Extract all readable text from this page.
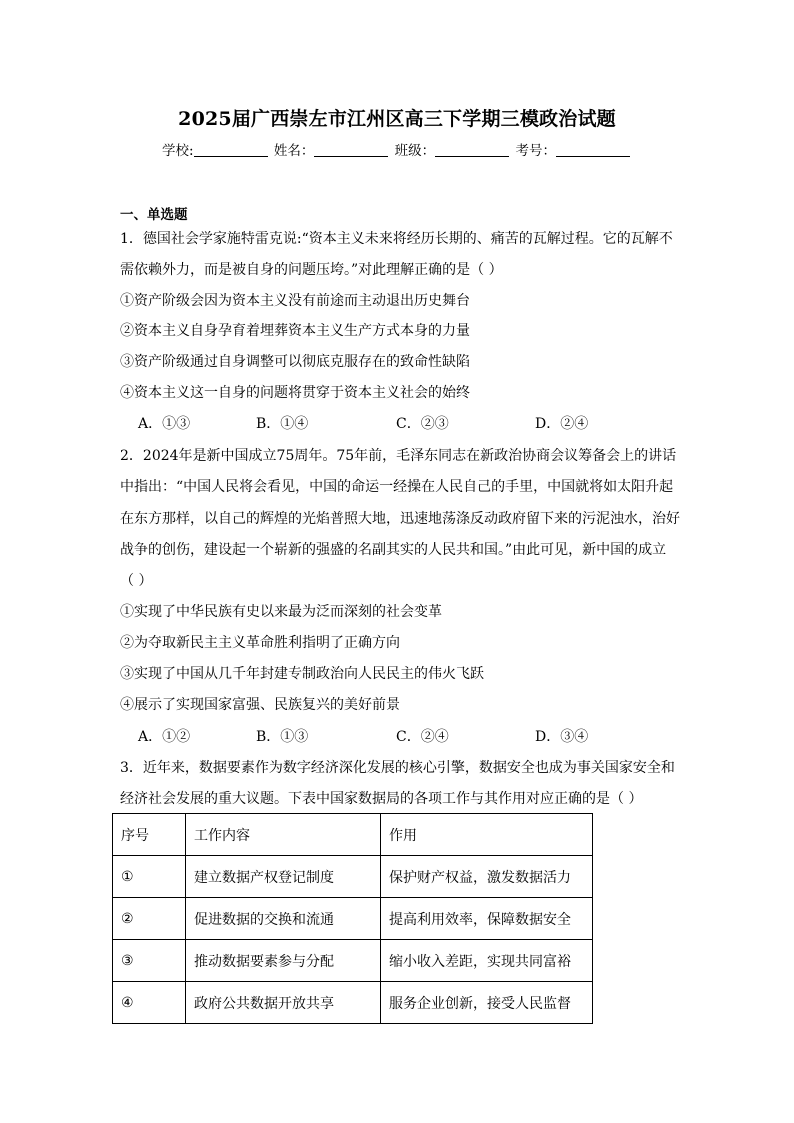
2025届广西崇左市江州区高三下学期三模政治试题
学校:	姓名：	班级：	考号：
一、单选题
1．德国社会学家施特雷克说:“资本主义未来将经历长期的、痛苦的瓦解过程。它的瓦解不
需依赖外力，而是被自身的问题压垮。”对此理解正确的是（ ）
①资产阶级会因为资本主义没有前途而主动退出历史舞台
②资本主义自身孕育着埋葬资本主义生产方式本身的力量
③资产阶级通过自身调整可以彻底克服存在的致命性缺陷
④资本主义这一自身的问题将贯穿于资本主义社会的始终
A．①③	B．①④	C．②③	D．②④
2．2024年是新中国成立75周年。75年前，毛泽东同志在新政治协商会议筹备会上的讲话
中指出：“中国人民将会看见，中国的命运一经操在人民自己的手里，中国就将如太阳升起
在东方那样，以自己的辉煌的光焰普照大地，迅速地荡涤反动政府留下来的污泥浊水，治好
战争的创伤，建设起一个崭新的强盛的名副其实的人民共和国。”由此可见，新中国的成立
（ ）
①实现了中华民族有史以来最为泛而深刻的社会变革
②为夺取新民主主义革命胜利指明了正确方向
③实现了中国从几千年封建专制政治向人民民主的伟火飞跃
④展示了实现国家富强、民族复兴的美好前景
A．①②	B．①③	C．②④	D．③④
3．近年来，数据要素作为数字经济深化发展的核心引擎，数据安全也成为事关国家安全和
经济社会发展的重大议题。下表中国家数据局的各项工作与其作用对应正确的是（ ）
序号	工作内容	作用
①	建立数据产权登记制度	保护财产权益，激发数据活力
②	促进数据的交换和流通	提高利用效率，保障数据安全
③	推动数据要素参与分配	缩小收入差距，实现共同富裕
④	政府公共数据开放共享	服务企业创新，接受人民监督
